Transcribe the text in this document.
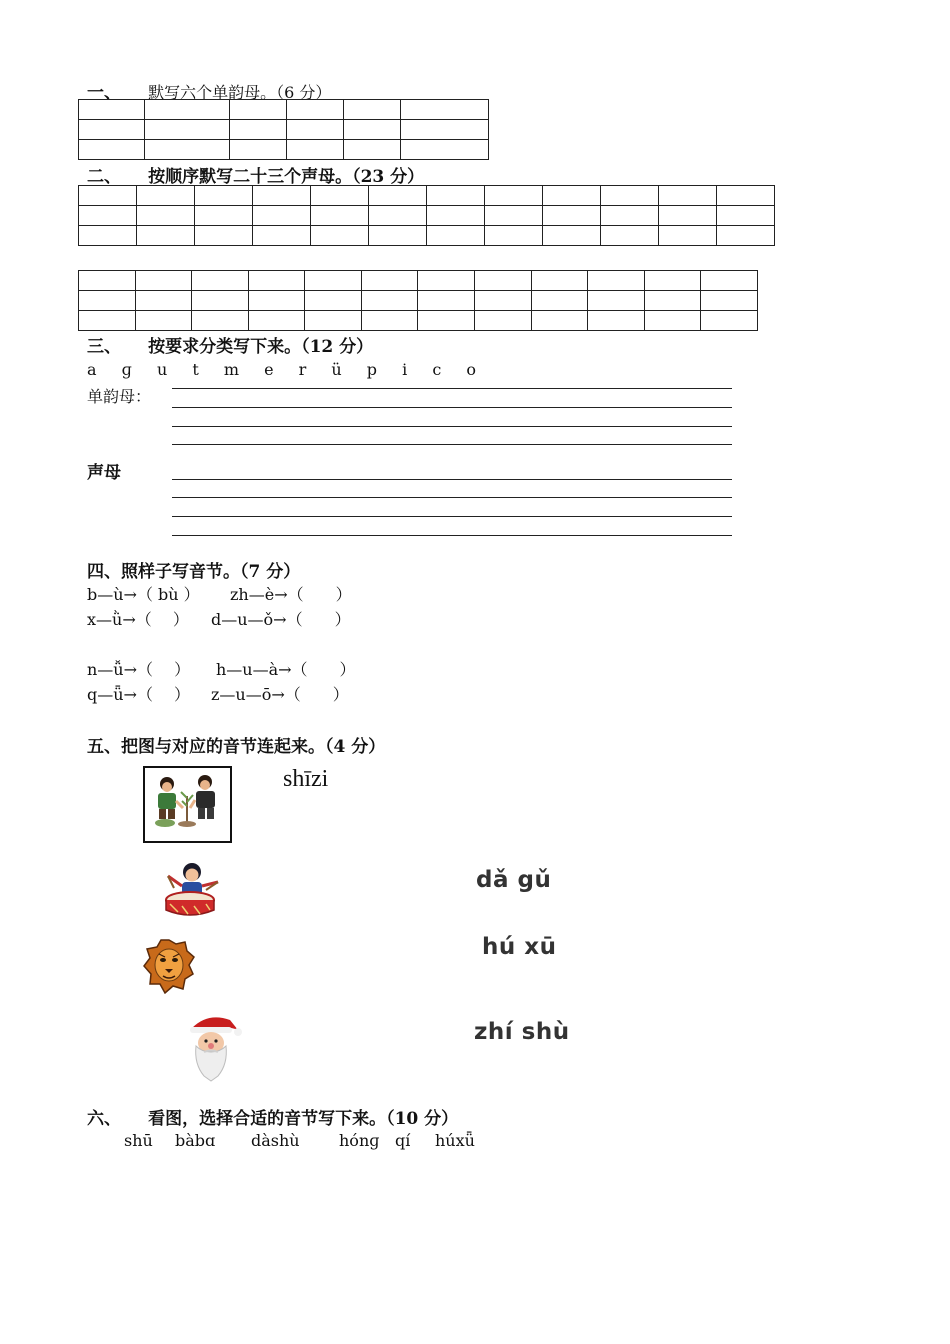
一、 默写六个单韵母。（6 分）

二、 按顺序默写二十三个声母。（23 分）

三、 按要求分类写下来。（12 分）
a ɡ u t m e r ü p i c o
单韵母：
声母
四、照样子写音节。（7 分）
b—ù→（ bù ） zh—è→（　　）
x—ǜ→（　 ） d—u—ǒ→（　　）
n—ǚ→（　 ） h—u—à→（　　）
q—ǖ→（　 ） z—u—ō→（　　）
五、把图与对应的音节连起来。（4 分）
shīzi
dǎ gǔ
hú xū
zhí shù
六、 看图，选择合适的音节写下来。（10 分）
shū bàbɑ dàshù hónɡ qí húxǖ
